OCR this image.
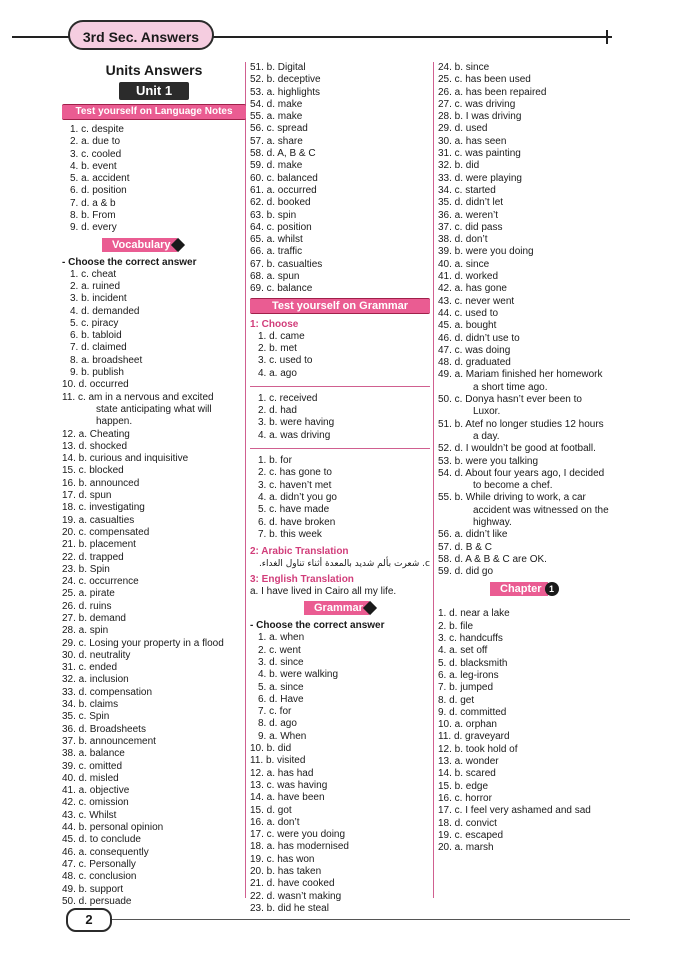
3rd Sec. Answers
Units Answers
Unit 1
Test yourself on Language Notes
1. c. despite
2. a. due to
3. c. cooled
4. b. event
5. a. accident
6. d. position
7. d. a & b
8. b. From
9. d. every
Vocabulary
- Choose the correct answer
1. c. cheat
2. a. ruined
3. b. incident
4. d. demanded
5. c. piracy
6. b. tabloid
7. d. claimed
8. a. broadsheet
9. b. publish
10. d. occurred
11. c. am in a nervous and excited
state anticipating what will
happen.
12. a. Cheating
13. d. shocked
14. b. curious and inquisitive
15. c. blocked
16. b. announced
17. d. spun
18. c. investigating
19. a. casualties
20. c. compensated
21. b. placement
22. d. trapped
23. b. Spin
24. c. occurrence
25. a. pirate
26. d. ruins
27. b. demand
28. a. spin
29. c. Losing your property in a flood
30. d. neutrality
31. c. ended
32. a. inclusion
33. d. compensation
34. b. claims
35. c. Spin
36. d. Broadsheets
37. b. announcement
38. a. balance
39. c. omitted
40. d. misled
41. a. objective
42. c. omission
43. c. Whilst
44. b. personal opinion
45. d. to conclude
46. a. consequently
47. c. Personally
48. c. conclusion
49. b. support
50. d. persuade
51. b. Digital
52. b. deceptive
53. a. highlights
54. d. make
55. a. make
56. c. spread
57. a. share
58. d. A, B & C
59. d. make
60. c. balanced
61. a. occurred
62. d. booked
63. b. spin
64. c. position
65. a. whilst
66. a. traffic
67. b. casualties
68. a. spun
69. c. balance
Test yourself on Grammar
1: Choose
1. d. came
2. b. met
3. c. used to
4. a. ago
1. c. received
2. d. had
3. b. were having
4. a. was driving
1. b. for
2. c. has gone to
3. c. haven’t met
4. a. didn’t you go
5. c. have made
6. d. have broken
7. b. this week
2: Arabic Translation
c. شعرت بألم شديد بالمعدة أثناء تناول الغداء.
3: English Translation
a. I have lived in Cairo all my life.
Grammar
- Choose the correct answer
1. a. when
2. c. went
3. d. since
4. b. were walking
5. a. since
6. d. Have
7. c. for
8. d. ago
9. a. When
10. b. did
11. b. visited
12. a. has had
13. c. was having
14. a. have been
15. d. got
16. a. don’t
17. c. were you doing
18. a. has modernised
19. c. has won
20. b. has taken
21. d. have cooked
22. d. wasn’t making
23. b. did he steal
24. b. since
25. c. has been used
26. a. has been repaired
27. c. was driving
28. b. I was driving
29. d. used
30. a. has seen
31. c. was painting
32. b. did
33. d. were playing
34. c. started
35. d. didn’t let
36. a. weren’t
37. c. did pass
38. d. don’t
39. b. were you doing
40. a. since
41. d. worked
42. a. has gone
43. c. never went
44. c. used to
45. a. bought
46. d. didn’t use to
47. c. was doing
48. d. graduated
49. a. Mariam finished her homework
a short time ago.
50. c. Donya hasn’t ever been to
Luxor.
51. b. Atef no longer studies 12 hours
a day.
52. d. I wouldn’t be good at football.
53. b. were you talking
54. d. About four years ago, I decided
to become a chef.
55. b. While driving to work, a car
accident was witnessed on the
highway.
56. a. didn’t like
57. d. B & C
58. d. A & B & C are OK.
59. d. did go
Chapter 1
1. d. near a lake
2. b. file
3. c. handcuffs
4. a. set off
5. d. blacksmith
6. a. leg-irons
7. b. jumped
8. d. get
9. d. committed
10. a. orphan
11. d. graveyard
12. b. took hold of
13. a. wonder
14. b. scared
15. b. edge
16. c. horror
17. c. I feel very ashamed and sad
18. d. convict
19. c. escaped
20. a. marsh
2
